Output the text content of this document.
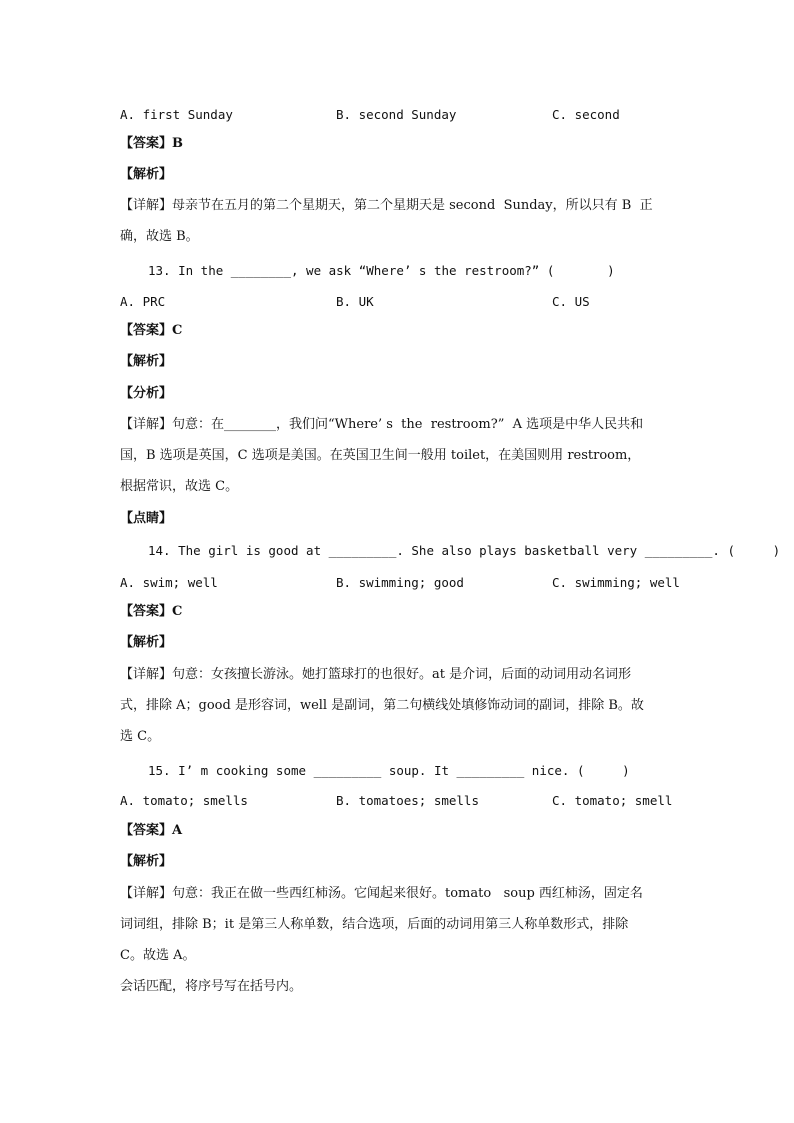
A. first Sunday	B. second Sunday	C. second
【答案】B
【解析】
【详解】母亲节在五月的第二个星期天，第二个星期天是 second  Sunday，所以只有 B  正
确，故选 B。
13. In the ________, we ask “Where’ s the restroom?” (       )
A. PRC	B. UK	C. US
【答案】C
【解析】
【分析】
【详解】句意：在________，我们问“Where’ s  the  restroom?”  A 选项是中华人民共和
国，B 选项是英国，C 选项是美国。在英国卫生间一般用 toilet，在美国则用 restroom，
根据常识，故选 C。
【点睛】
14. The girl is good at _________. She also plays basketball very _________. (     )
A. swim; well	B. swimming; good	C. swimming; well
【答案】C
【解析】
【详解】句意：女孩擅长游泳。她打篮球打的也很好。at 是介词，后面的动词用动名词形
式，排除 A；good 是形容词，well 是副词，第二句横线处填修饰动词的副词，排除 B。故
选 C。
15. I’ m cooking some _________ soup. It _________ nice. (     )
A. tomato; smells	B. tomatoes; smells	C. tomato; smell
【答案】A
【解析】
【详解】句意：我正在做一些西红柿汤。它闻起来很好。tomato   soup 西红柿汤，固定名
词词组，排除 B；it 是第三人称单数，结合选项，后面的动词用第三人称单数形式，排除
C。故选 A。
会话匹配，将序号写在括号内。
